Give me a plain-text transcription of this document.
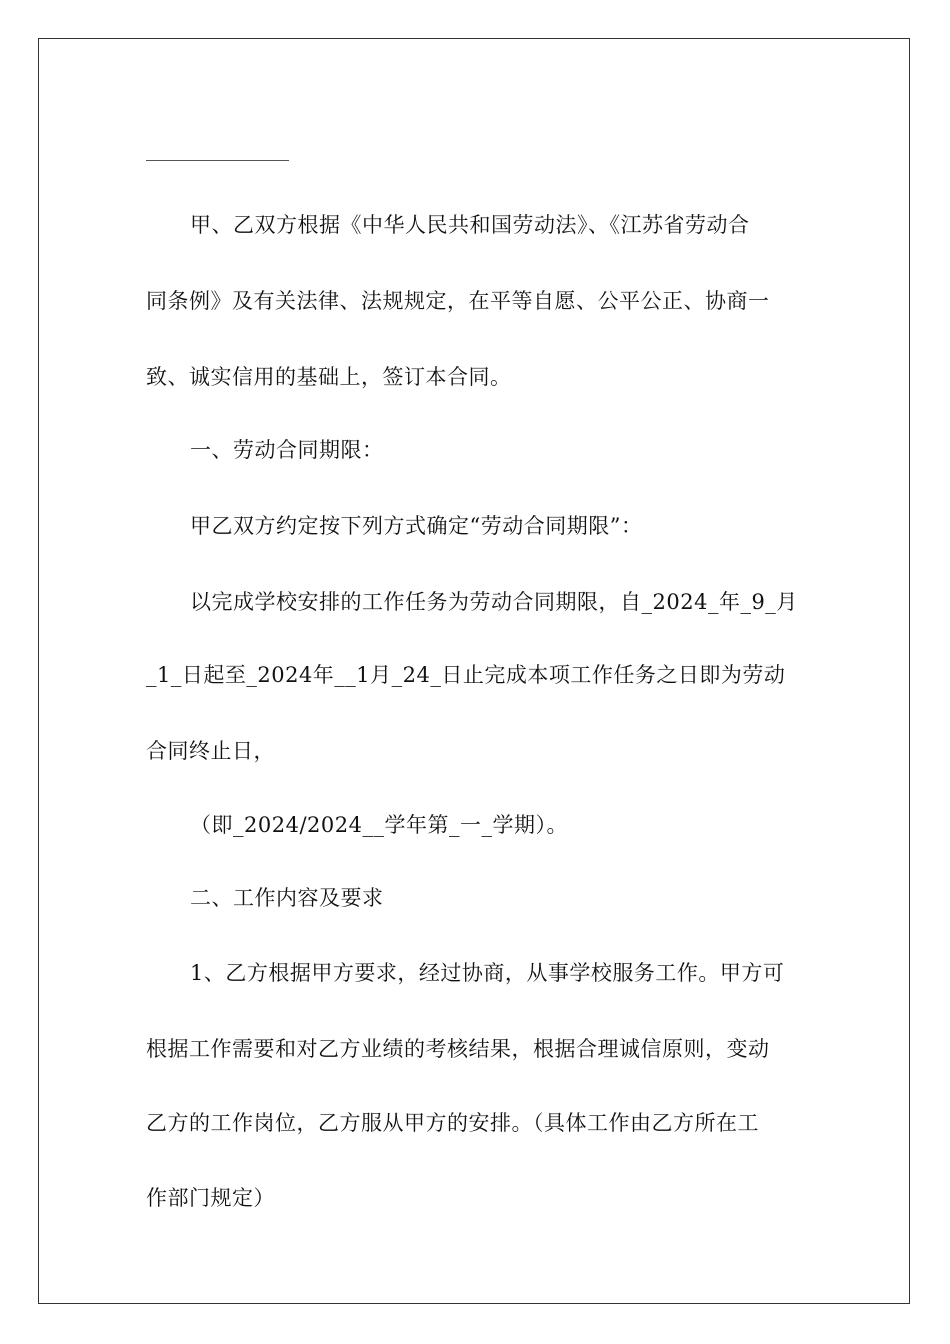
甲、乙双方根据《中华人民共和国劳动法》、《江苏省劳动合
同条例》及有关法律、法规规定，在平等自愿、公平公正、协商一
致、诚实信用的基础上，签订本合同。
一、劳动合同期限：
甲乙双方约定按下列方式确定“劳动合同期限”：
以完成学校安排的工作任务为劳动合同期限，自_2024_年_9_月
_1_日起至_2024年__1月_24_日止完成本项工作任务之日即为劳动
合同终止日，
（即_2024/2024__学年第_一_学期）。
二、工作内容及要求
1、乙方根据甲方要求，经过协商，从事学校服务工作。甲方可
根据工作需要和对乙方业绩的考核结果，根据合理诚信原则，变动
乙方的工作岗位，乙方服从甲方的安排。（具体工作由乙方所在工
作部门规定）
